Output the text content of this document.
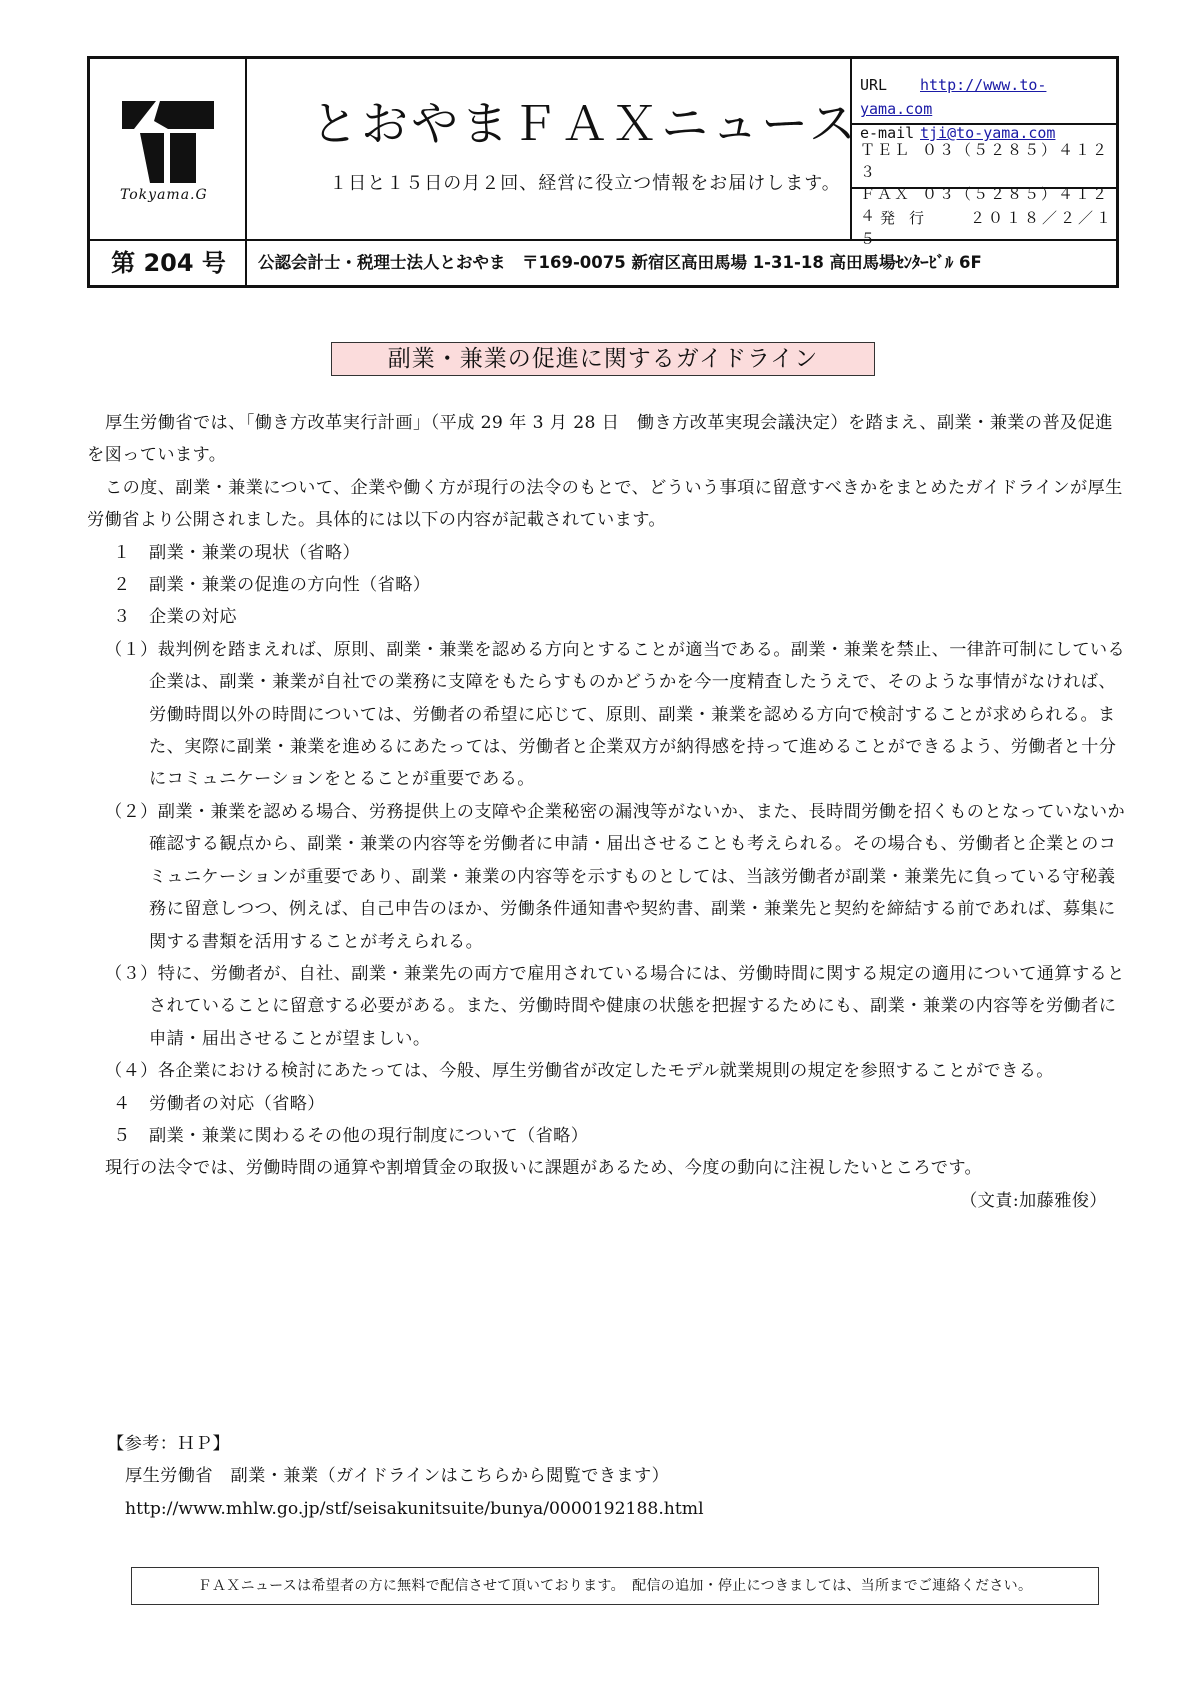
Tokyama.G
とおやまＦＡＸニュース
１日と１５日の月２回、経営に役立つ情報をお届けします。
URL http://www.to-yama.com
e-mail tji@to-yama.com
ＴＥＬ ０３（５２８５）４１２３
ＦＡＸ ０３（５２８５）４１２４ 発行 ２０１８／２／１５
第 204 号	公認会計士・税理士法人とおやま　〒169-0075 新宿区高田馬場 1-31-18 高田馬場ｾﾝﾀｰﾋﾞﾙ 6F
副業・兼業の促進に関するガイドライン

厚生労働省では、「働き方改革実行計画」（平成 29 年 3 月 28 日　働き方改革実現会議決定）を踏まえ、副業・兼業の普及促進を図っています。

この度、副業・兼業について、企業や働く方が現行の法令のもとで、どういう事項に留意すべきかをまとめたガイドラインが厚生労働省より公開されました。具体的には以下の内容が記載されています。

１ 副業・兼業の現状（省略）
２ 副業・兼業の促進の方向性（省略）
３ 企業の対応

（１）裁判例を踏まえれば、原則、副業・兼業を認める方向とすることが適当である。副業・兼業を禁止、一律許可制にしている企業は、副業・兼業が自社での業務に支障をもたらすものかどうかを今一度精査したうえで、そのような事情がなければ、労働時間以外の時間については、労働者の希望に応じて、原則、副業・兼業を認める方向で検討することが求められる。また、実際に副業・兼業を進めるにあたっては、労働者と企業双方が納得感を持って進めることができるよう、労働者と十分にコミュニケーションをとることが重要である。

（２）副業・兼業を認める場合、労務提供上の支障や企業秘密の漏洩等がないか、また、長時間労働を招くものとなっていないか確認する観点から、副業・兼業の内容等を労働者に申請・届出させることも考えられる。その場合も、労働者と企業とのコミュニケーションが重要であり、副業・兼業の内容等を示すものとしては、当該労働者が副業・兼業先に負っている守秘義務に留意しつつ、例えば、自己申告のほか、労働条件通知書や契約書、副業・兼業先と契約を締結する前であれば、募集に関する書類を活用することが考えられる。

（３）特に、労働者が、自社、副業・兼業先の両方で雇用されている場合には、労働時間に関する規定の適用について通算するとされていることに留意する必要がある。また、労働時間や健康の状態を把握するためにも、副業・兼業の内容等を労働者に申請・届出させることが望ましい。

（４）各企業における検討にあたっては、今般、厚生労働省が改定したモデル就業規則の規定を参照することができる。

４ 労働者の対応（省略）
５ 副業・兼業に関わるその他の現行制度について（省略）

現行の法令では、労働時間の通算や割増賃金の取扱いに課題があるため、今度の動向に注視したいところです。

（文責:加藤雅俊）

【参考：ＨＰ】
厚生労働省　副業・兼業（ガイドラインはこちらから閲覧できます）
http://www.mhlw.go.jp/stf/seisakunitsuite/bunya/0000192188.html
ＦＡＸニュースは希望者の方に無料で配信させて頂いております。　配信の追加・停止につきましては、当所までご連絡ください。
